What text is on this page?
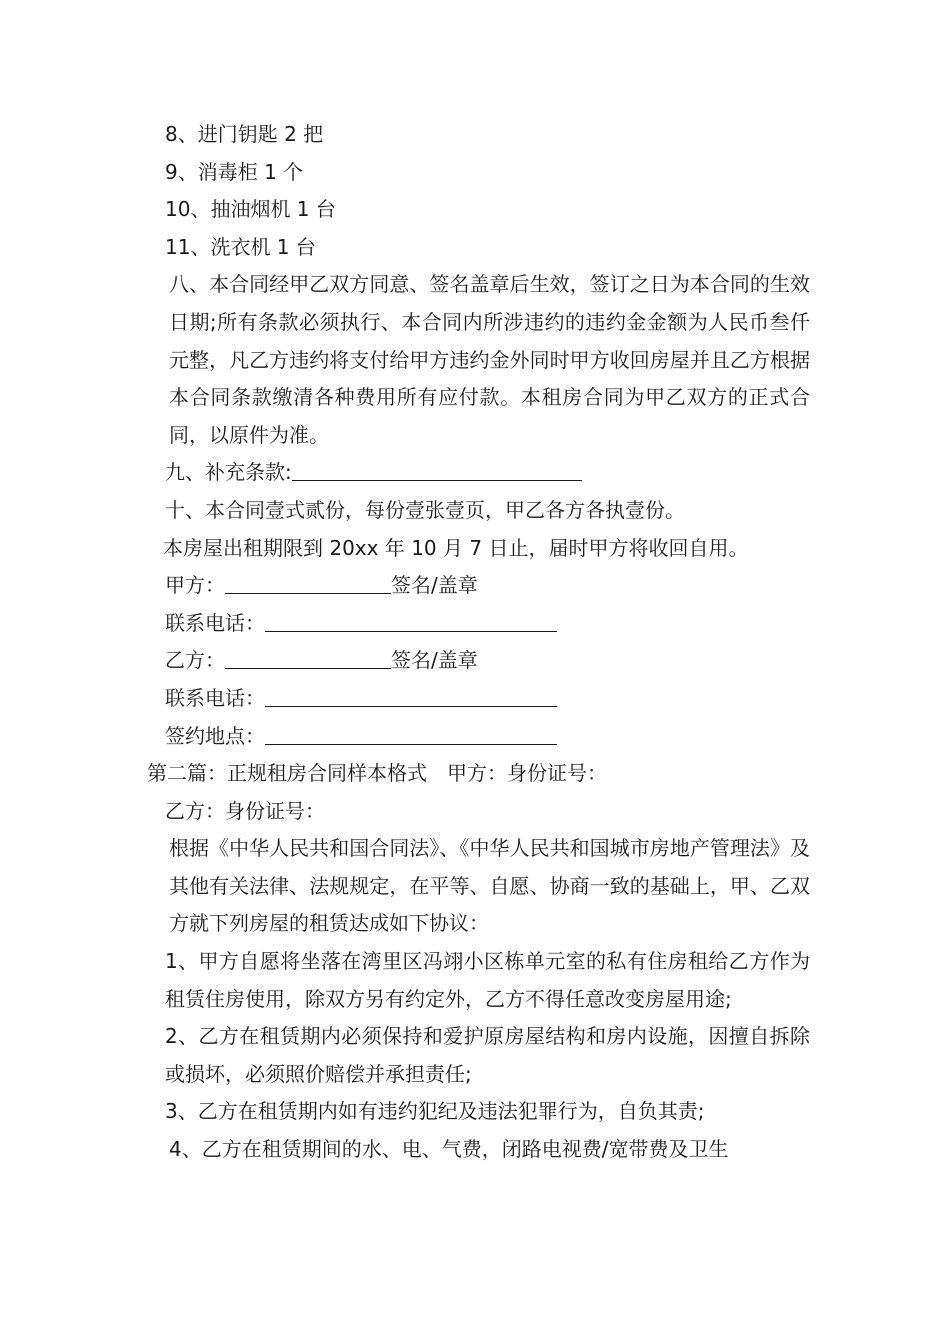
8、进门钥匙 2 把

9、消毒柜 1 个

10、抽油烟机 1 台

11、洗衣机 1 台

八、本合同经甲乙双方同意、签名盖章后生效，签订之日为本合同的生效日期;所有条款必须执行、本合同内所涉违约的违约金金额为人民币叁仟元整，凡乙方违约将支付给甲方违约金外同时甲方收回房屋并且乙方根据本合同条款缴清各种费用所有应付款。本租房合同为甲乙双方的正式合同，以原件为准。

九、补充条款:

十、本合同壹式贰份，每份壹张壹页，甲乙各方各执壹份。

本房屋出租期限到 20xx 年 10 月 7 日止，届时甲方将收回自用。

甲方：	签名/盖章

联系电话：

乙方：	签名/盖章

联系电话：

签约地点：

第二篇：正规租房合同样本格式　甲方：身份证号：

乙方：身份证号：

根据《中华人民共和国合同法》、《中华人民共和国城市房地产管理法》及其他有关法律、法规规定，在平等、自愿、协商一致的基础上，甲、乙双方就下列房屋的租赁达成如下协议：

1、甲方自愿将坐落在湾里区冯翊小区栋单元室的私有住房租给乙方作为租赁住房使用，除双方另有约定外，乙方不得任意改变房屋用途;

2、乙方在租赁期内必须保持和爱护原房屋结构和房内设施，因擅自拆除或损坏，必须照价赔偿并承担责任;

3、乙方在租赁期内如有违约犯纪及违法犯罪行为，自负其责;

4、乙方在租赁期间的水、电、气费，闭路电视费/宽带费及卫生
